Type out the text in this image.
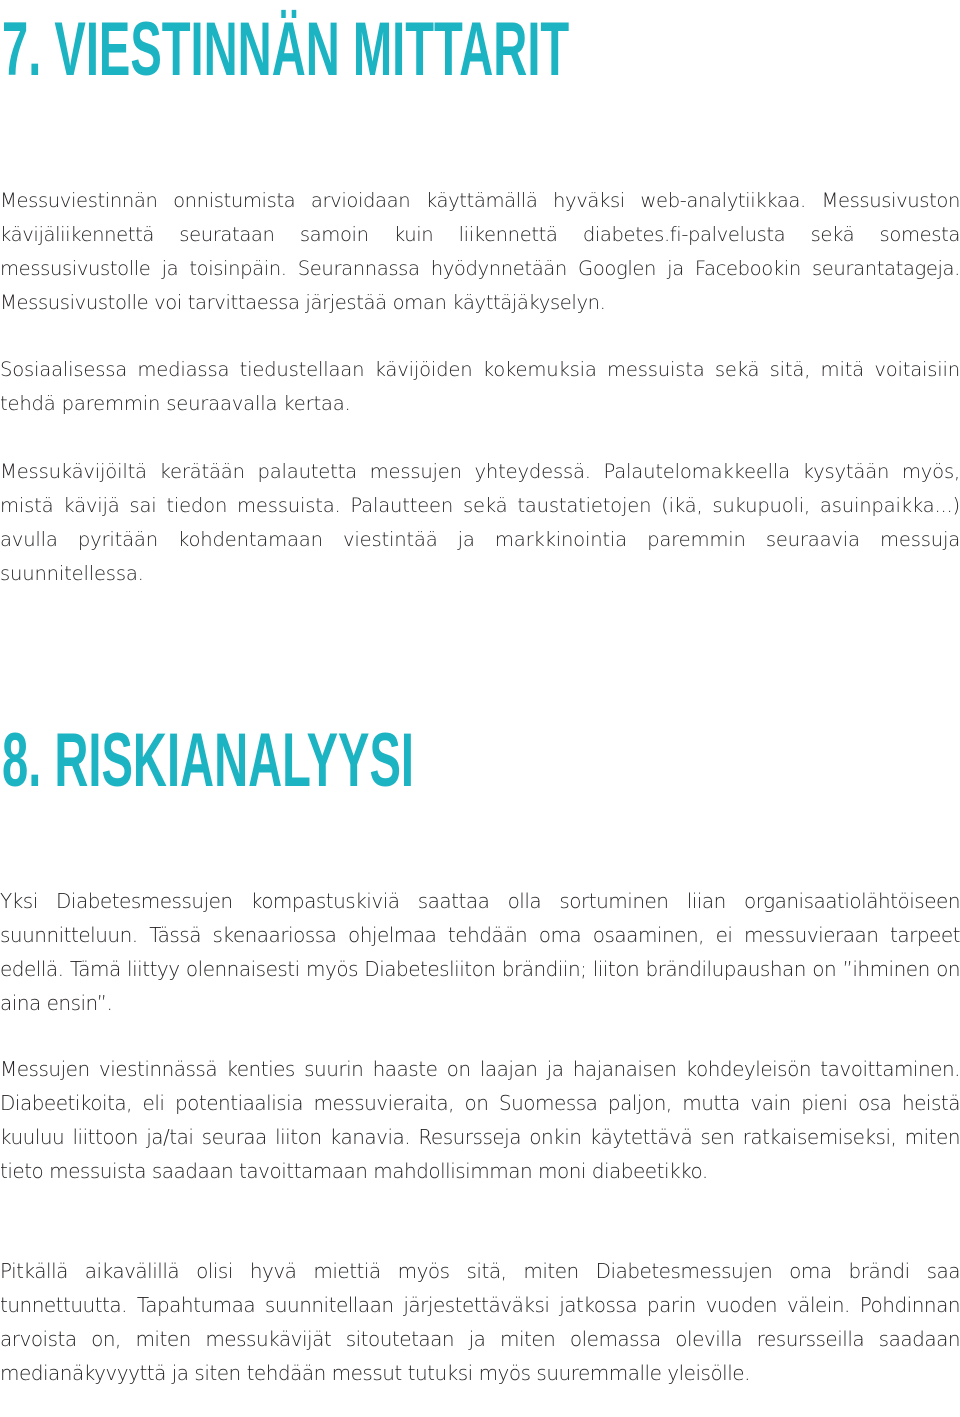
7. VIESTINNÄN MITTARIT

Messuviestinnän onnistumista arvioidaan käyttämällä hyväksi web-analytiikkaa. Messusivuston kävijäliikennettä seurataan samoin kuin liikennettä diabetes.fi-palvelusta sekä somesta messusivustolle ja toisinpäin. Seurannassa hyödynnetään Googlen ja Facebookin seurantatageja. Messusivustolle voi tarvittaessa järjestää oman käyttäjäkyselyn.

Sosiaalisessa mediassa tiedustellaan kävijöiden kokemuksia messuista sekä sitä, mitä voitaisiin tehdä paremmin seuraavalla kertaa.

Messukävijöiltä kerätään palautetta messujen yhteydessä. Palautelomakkeella kysytään myös, mistä kävijä sai tiedon messuista. Palautteen sekä taustatietojen (ikä, sukupuoli, asuinpaikka...) avulla pyritään kohdentamaan viestintää ja markkinointia paremmin seuraavia messuja suunnitellessa.

8. RISKIANALYYSI

Yksi Diabetesmessujen kompastuskiviä saattaa olla sortuminen liian organisaatiolähtöiseen suunnitteluun. Tässä skenaariossa ohjelmaa tehdään oma osaaminen, ei messuvieraan tarpeet edellä. Tämä liittyy olennaisesti myös Diabetesliiton brändiin; liiton brändilupaushan on ”ihminen on aina ensin”.

Messujen viestinnässä kenties suurin haaste on laajan ja hajanaisen kohdeyleisön tavoittaminen. Diabeetikoita, eli potentiaalisia messuvieraita, on Suomessa paljon, mutta vain pieni osa heistä kuuluu liittoon ja/tai seuraa liiton kanavia. Resursseja onkin käytettävä sen ratkaisemiseksi, miten tieto messuista saadaan tavoittamaan mahdollisimman moni diabeetikko.

Pitkällä aikavälillä olisi hyvä miettiä myös sitä, miten Diabetesmessujen oma brändi saa tunnettuutta. Tapahtumaa suunnitellaan järjestettäväksi jatkossa parin vuoden välein. Pohdinnan arvoista on, miten messukävijät sitoutetaan ja miten olemassa olevilla resursseilla saadaan medianäkyvyyttä ja siten tehdään messut tutuksi myös suuremmalle yleisölle.
